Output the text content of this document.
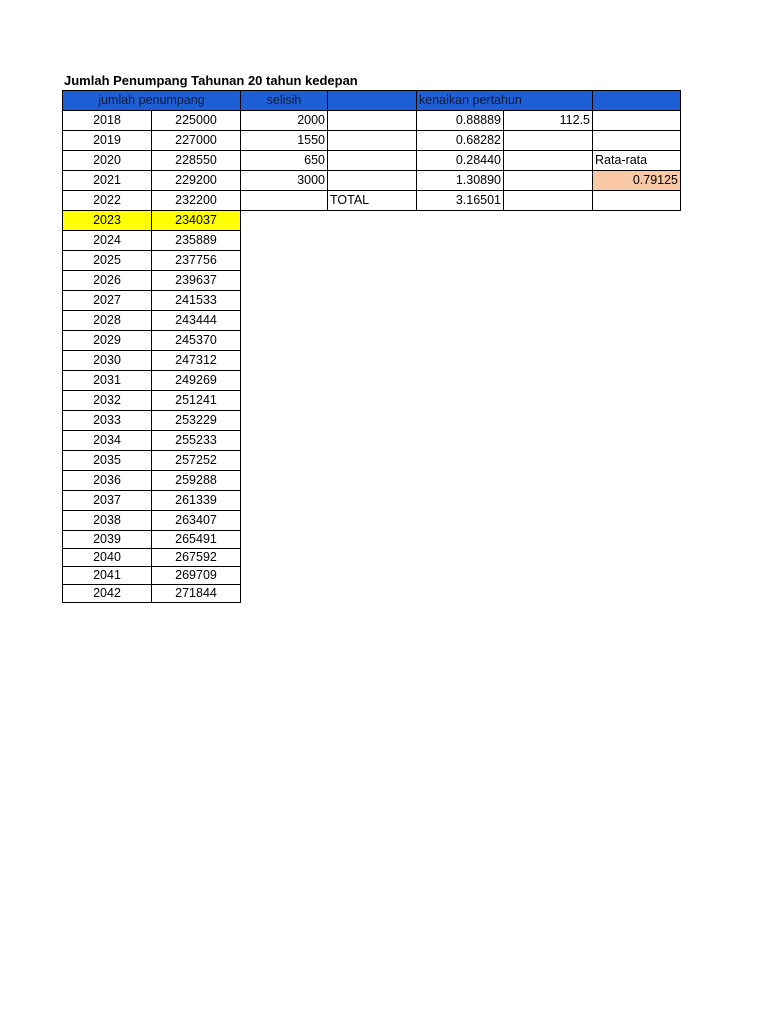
Jumlah Penumpang Tahunan 20 tahun kedepan
jumlah penumpang		selisih		kenaikan pertahun		
2018	225000	2000		0.88889	112.5	
2019	227000	1550		0.68282		
2020	228550	650		0.28440		Rata-rata
2021	229200	3000		1.30890		0.79125
2022	232200		TOTAL	3.16501		
2023	234037					
2024	235889					
2025	237756					
2026	239637					
2027	241533					
2028	243444					
2029	245370					
2030	247312					
2031	249269					
2032	251241					
2033	253229					
2034	255233					
2035	257252					
2036	259288					
2037	261339					
2038	263407					
2039	265491					
2040	267592					
2041	269709					
2042	271844					
